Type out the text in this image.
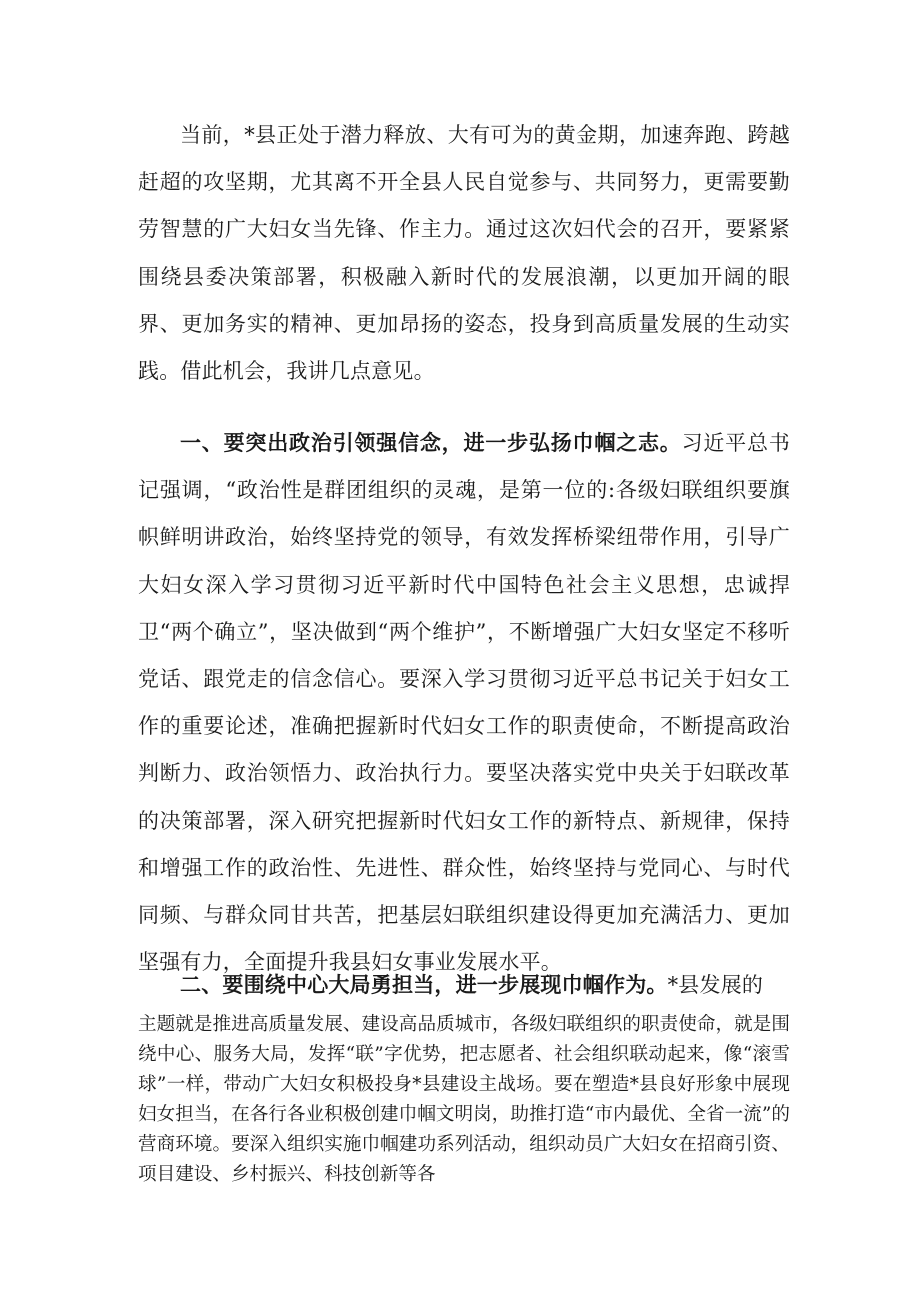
当前，*县正处于潜力释放、大有可为的黄金期，加速奔跑、跨越赶超的攻坚期，尤其离不开全县人民自觉参与、共同努力，更需要勤劳智慧的广大妇女当先锋、作主力。通过这次妇代会的召开，要紧紧围绕县委决策部署，积极融入新时代的发展浪潮，以更加开阔的眼界、更加务实的精神、更加昂扬的姿态，投身到高质量发展的生动实践。借此机会，我讲几点意见。

一、要突出政治引领强信念，进一步弘扬巾帼之志。习近平总书记强调，“政治性是群团组织的灵魂，是第一位的:各级妇联组织要旗帜鲜明讲政治，始终坚持党的领导，有效发挥桥梁纽带作用，引导广大妇女深入学习贯彻习近平新时代中国特色社会主义思想，忠诚捍卫“两个确立”，坚决做到“两个维护”，不断增强广大妇女坚定不移听党话、跟党走的信念信心。要深入学习贯彻习近平总书记关于妇女工作的重要论述，准确把握新时代妇女工作的职责使命，不断提高政治判断力、政治领悟力、政治执行力。要坚决落实党中央关于妇联改革的决策部署，深入研究把握新时代妇女工作的新特点、新规律，保持和增强工作的政治性、先进性、群众性，始终坚持与党同心、与时代同频、与群众同甘共苦，把基层妇联组织建设得更加充满活力、更加坚强有力，全面提升我县妇女事业发展水平。

二、要围绕中心大局勇担当，进一步展现巾帼作为。*县发展的

主题就是推进高质量发展、建设高品质城市，各级妇联组织的职责使命，就是围绕中心、服务大局，发挥“联”字优势，把志愿者、社会组织联动起来，像“滚雪球”一样，带动广大妇女积极投身*县建设主战场。要在塑造*县良好形象中展现妇女担当，在各行各业积极创建巾帼文明岗，助推打造“市内最优、全省一流”的营商环境。要深入组织实施巾帼建功系列活动，组织动员广大妇女在招商引资、项目建设、乡村振兴、科技创新等各
